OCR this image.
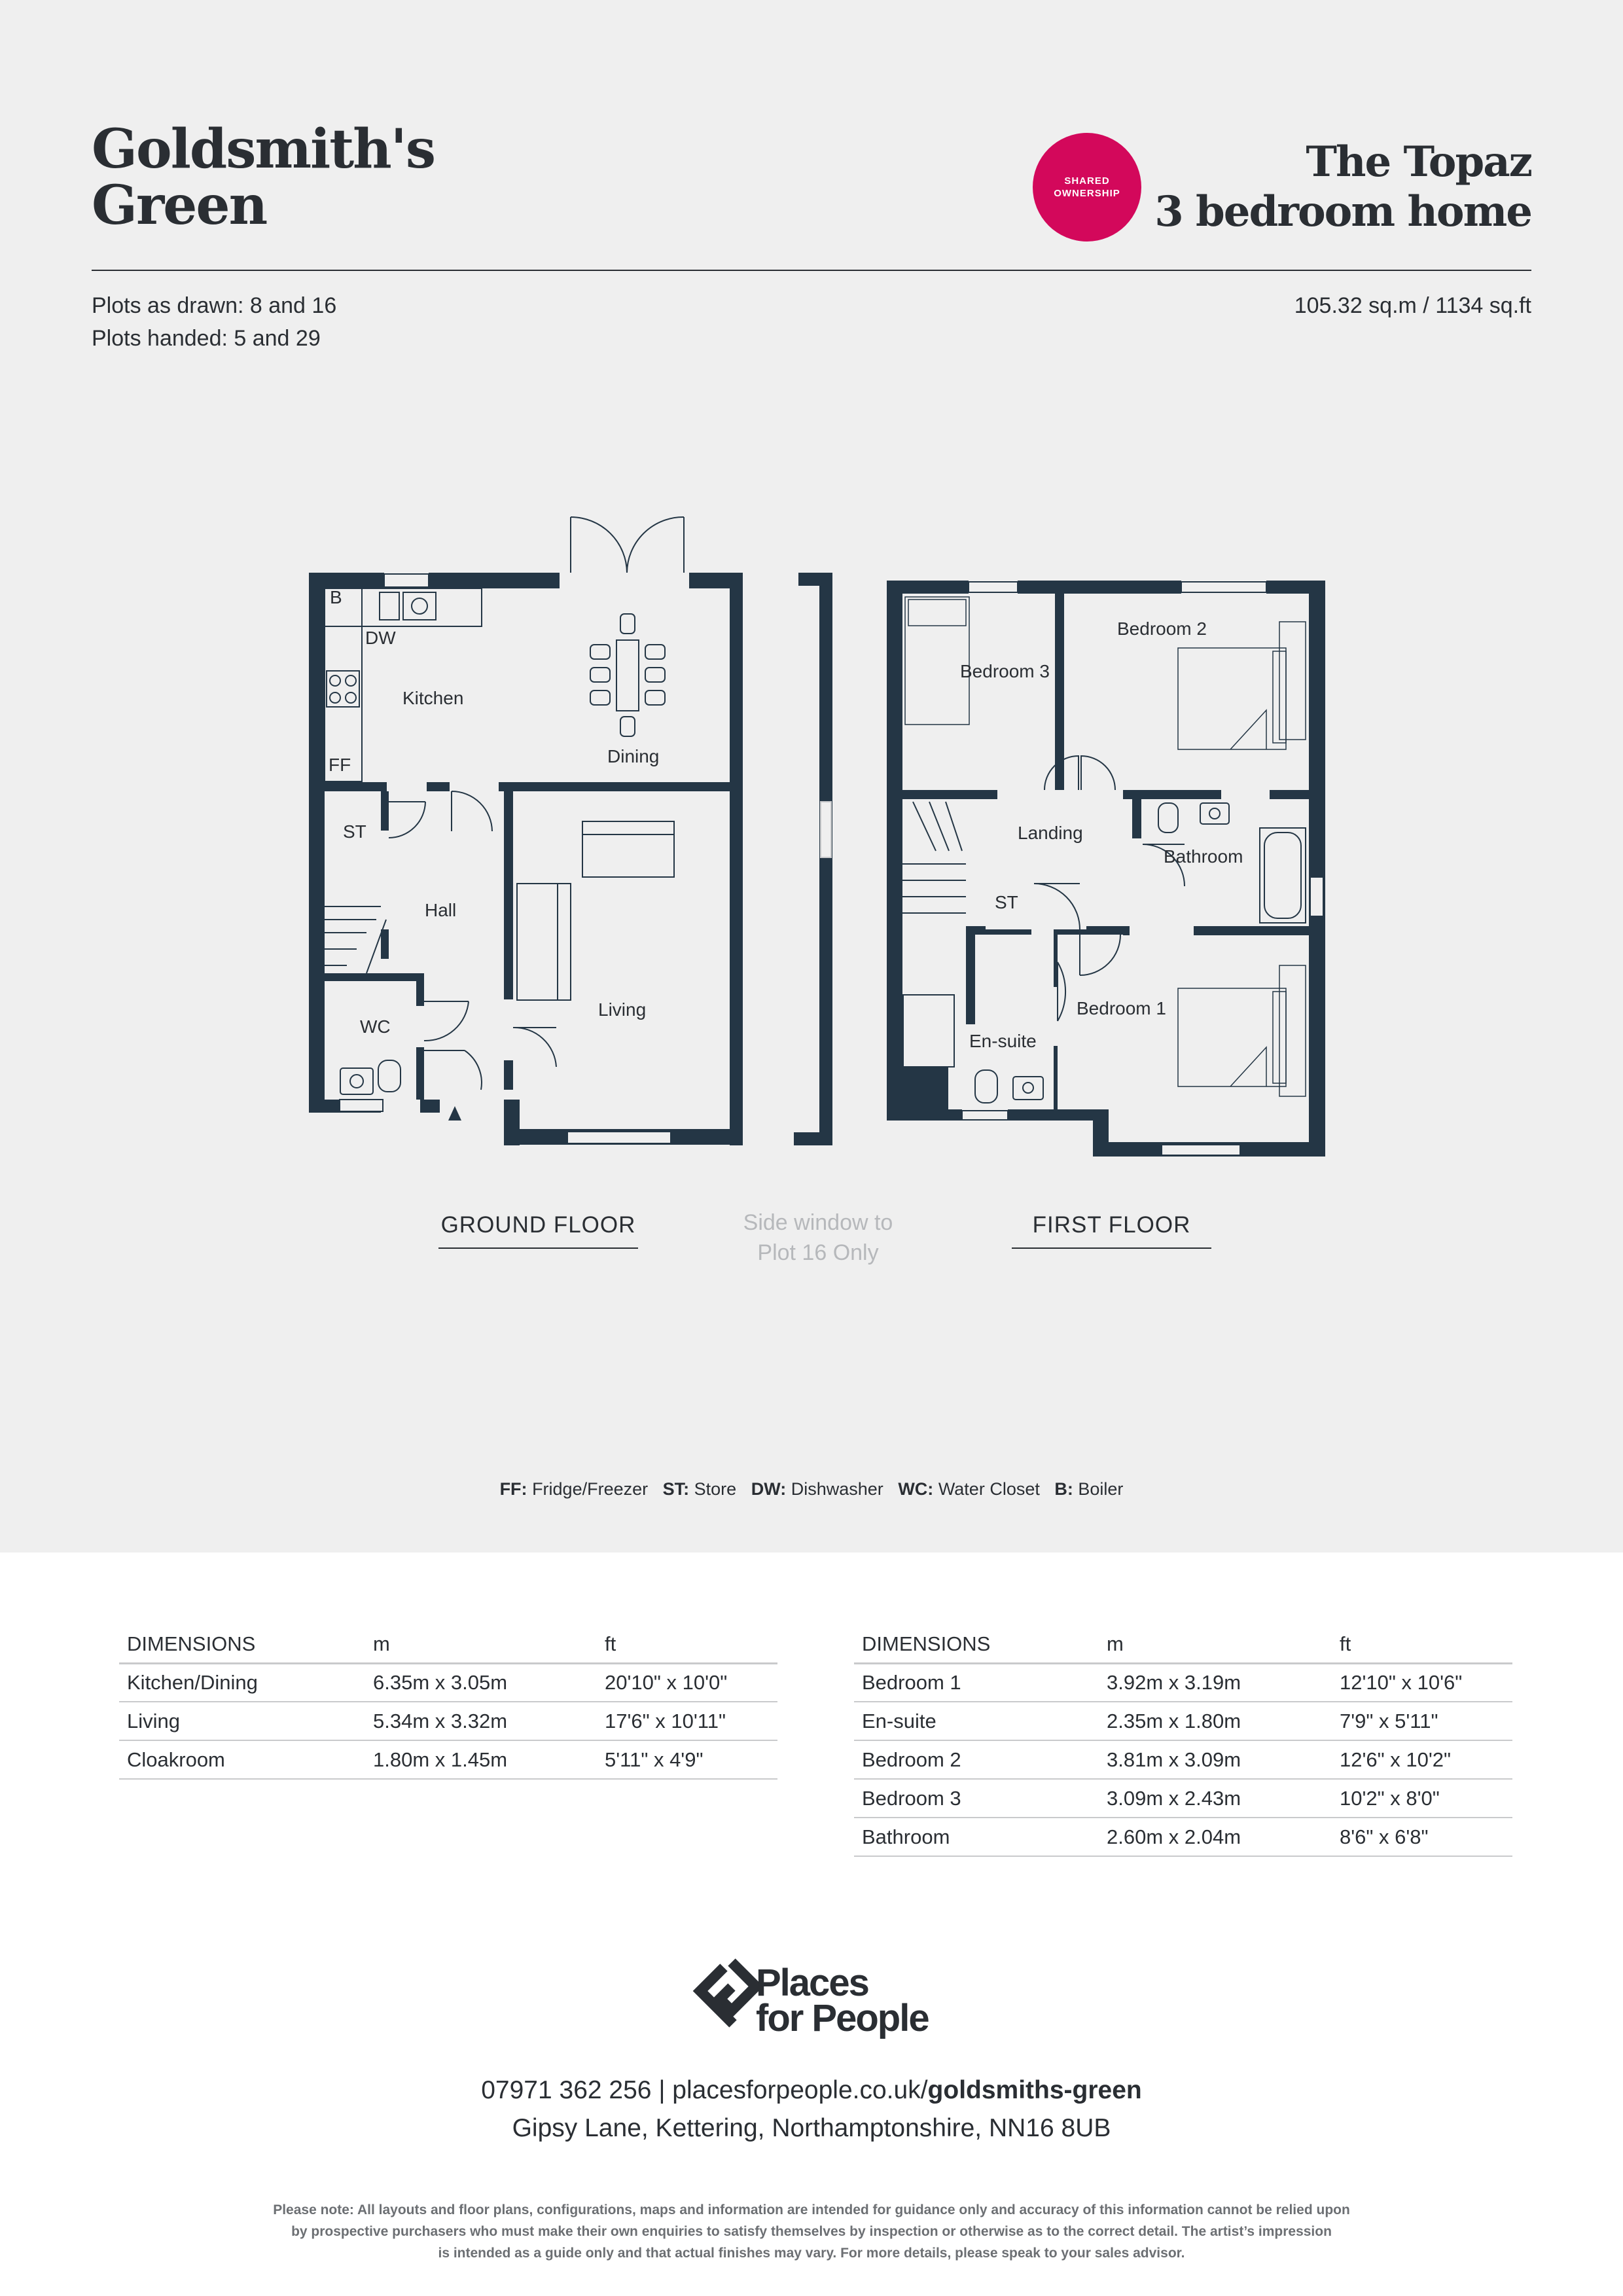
Goldsmith's
Green	SHARED
OWNERSHIP
The Topaz
3 bedroom home
Plots as drawn: 8 and 16
Plots handed: 5 and 29
105.32 sq.m / 1134 sq.ft
B
DW
Kitchen
FF	Dining
ST
Hall
WC
Living
Bedroom 3
Bedroom 2
Landing
Bathroom
ST
Bedroom 1
En-suite
GROUND FLOOR	Side window to
Plot 16 Only
FIRST FLOOR
FF: Fridge/Freezer ST: Store DW: Dishwasher WC: Water Closet B: Boiler
DIMENSIONS	m	ft
Kitchen/Dining	6.35m x 3.05m	20'10" x 10'0"
Living	5.34m x 3.32m	17'6" x 10'11"
Cloakroom	1.80m x 1.45m	5'11" x 4'9"
DIMENSIONS	m	ft
Bedroom 1	3.92m x 3.19m	12'10" x 10'6"
En-suite	2.35m x 1.80m	7'9" x 5'11"
Bedroom 2	3.81m x 3.09m	12'6" x 10'2"
Bedroom 3	3.09m x 2.43m	10'2" x 8'0"
Bathroom	2.60m x 2.04m	8'6" x 6'8"
Places
for People
07971 362 256 | placesforpeople.co.uk/goldsmiths-green
Gipsy Lane, Kettering, Northamptonshire, NN16 8UB
Please note: All layouts and floor plans, configurations, maps and information are intended for guidance only and accuracy of this information cannot be relied upon
by prospective purchasers who must make their own enquiries to satisfy themselves by inspection or otherwise as to the correct detail. The artist’s impression
is intended as a guide only and that actual finishes may vary. For more details, please speak to your sales advisor.
